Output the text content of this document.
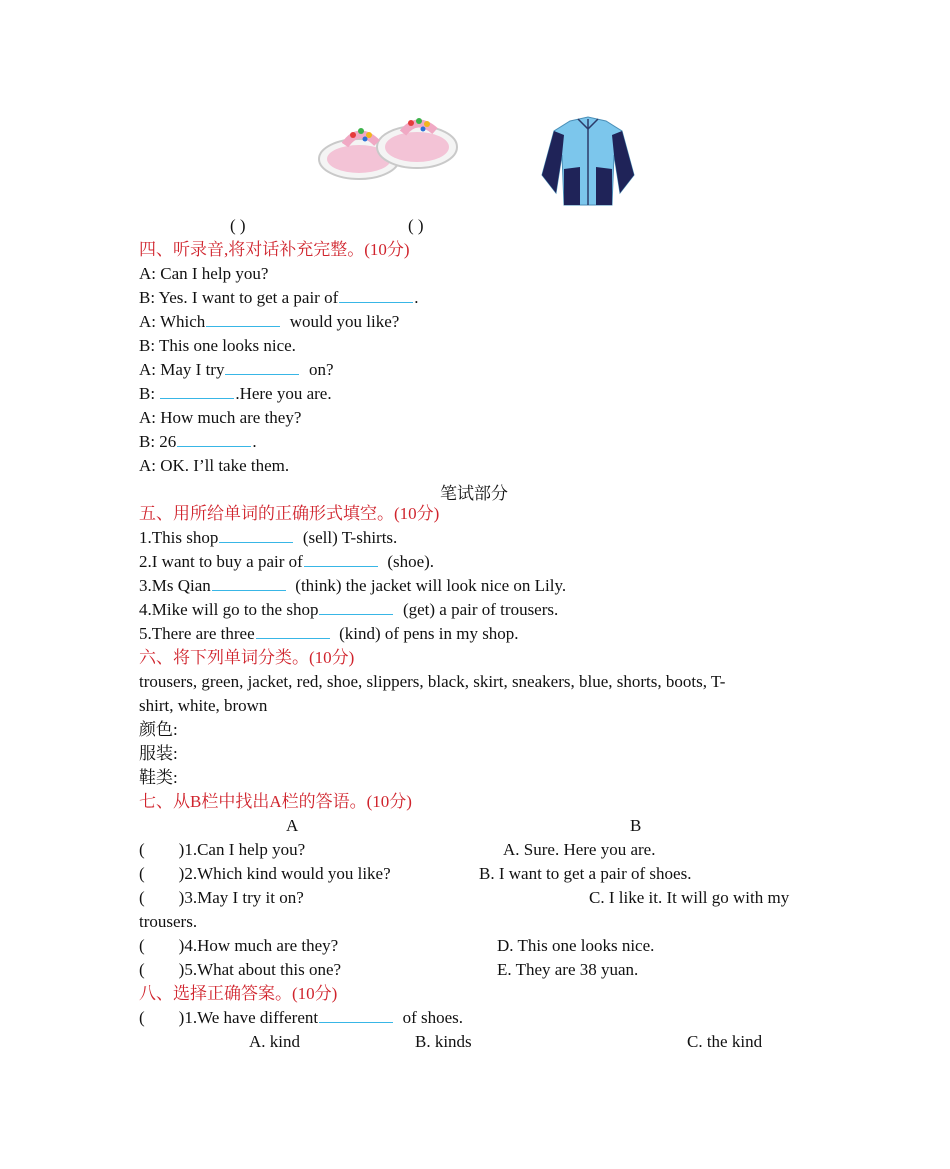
( )	( )
四、听录音,将对话补充完整。(10分)
A: Can I help you?
B: Yes. I want to get a pair of	.
A: Which	would you like?
B: This one looks nice.
A: May I try	on?
B:	.Here you are.
A: How much are they?
B: 26	.
A: OK. I’ll take them.
笔试部分
五、用所给单词的正确形式填空。(10分)
1.This shop	(sell) T-shirts.
2.I want to buy a pair of	(shoe).
3.Ms Qian	(think) the jacket will look nice on Lily.
4.Mike will go to the shop	(get) a pair of trousers.
5.There are three	(kind) of pens in my shop.
六、将下列单词分类。(10分)
trousers, green, jacket, red, shoe, slippers, black, skirt, sneakers, blue, shorts, boots, T-
shirt, white, brown
颜色:
服装:
鞋类:
七、从B栏中找出A栏的答语。(10分)
A	B
(        )1.Can I help you?	A. Sure. Here you are.
(        )2.Which kind would you like?	B. I want to get a pair of shoes.
(        )3.May I try it on?	C. I like it. It will go with my
trousers.
(        )4.How much are they?	D. This one looks nice.
(        )5.What about this one?	E. They are 38 yuan.
八、选择正确答案。(10分)
(        )1.We have different	of shoes.
A. kind	B. kinds	C. the kind
